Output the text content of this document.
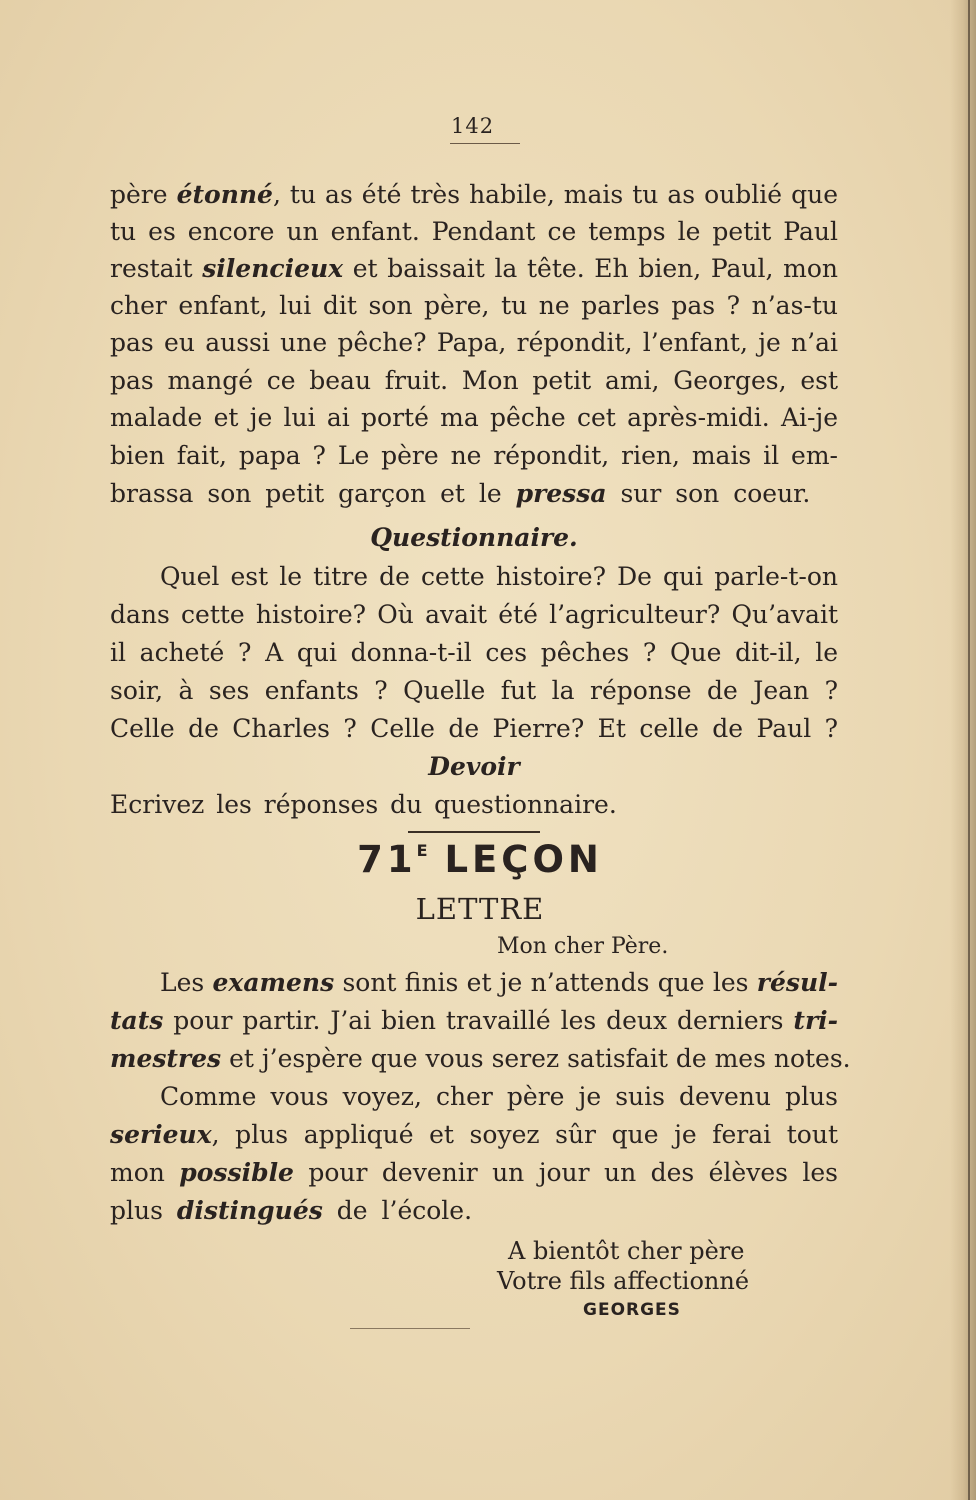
142
père étonné, tu as été très habile, mais tu as oublié que
tu es encore un enfant. Pendant ce temps le petit Paul
restait silencieux et baissait la tête. Eh bien, Paul, mon
cher enfant, lui dit son père, tu ne parles pas ? n’as-tu
pas eu aussi une pêche? Papa, répondit, l’enfant, je n’ai
pas mangé ce beau fruit. Mon petit ami, Georges, est
malade et je lui ai porté ma pêche cet après-midi. Ai-je
bien fait, papa ? Le père ne répondit, rien, mais il em-
brassa son petit garçon et le pressa sur son coeur.
Questionnaire.
Quel est le titre de cette histoire? De qui parle-t-on
dans cette histoire? Où avait été l’agriculteur? Qu’avait
il acheté ? A qui donna-t-il ces pêches ? Que dit-il, le
soir, à ses enfants ? Quelle fut la réponse de Jean ?
Celle de Charles ? Celle de Pierre? Et celle de Paul ?
Devoir
Ecrivez les réponses du questionnaire.
$71^E$ LEÇON
LETTRE
Mon cher Père.
Les examens sont finis et je n’attends que les résul-
tats pour partir. J’ai bien travaillé les deux derniers tri-
mestres et j’espère que vous serez satisfait de mes notes.
Comme vous voyez, cher père je suis devenu plus
serieux, plus appliqué et soyez sûr que je ferai tout
mon possible pour devenir un jour un des élèves les
plus distingués de l’école.
A bientôt cher père
Votre fils affectionné
GEORGES
